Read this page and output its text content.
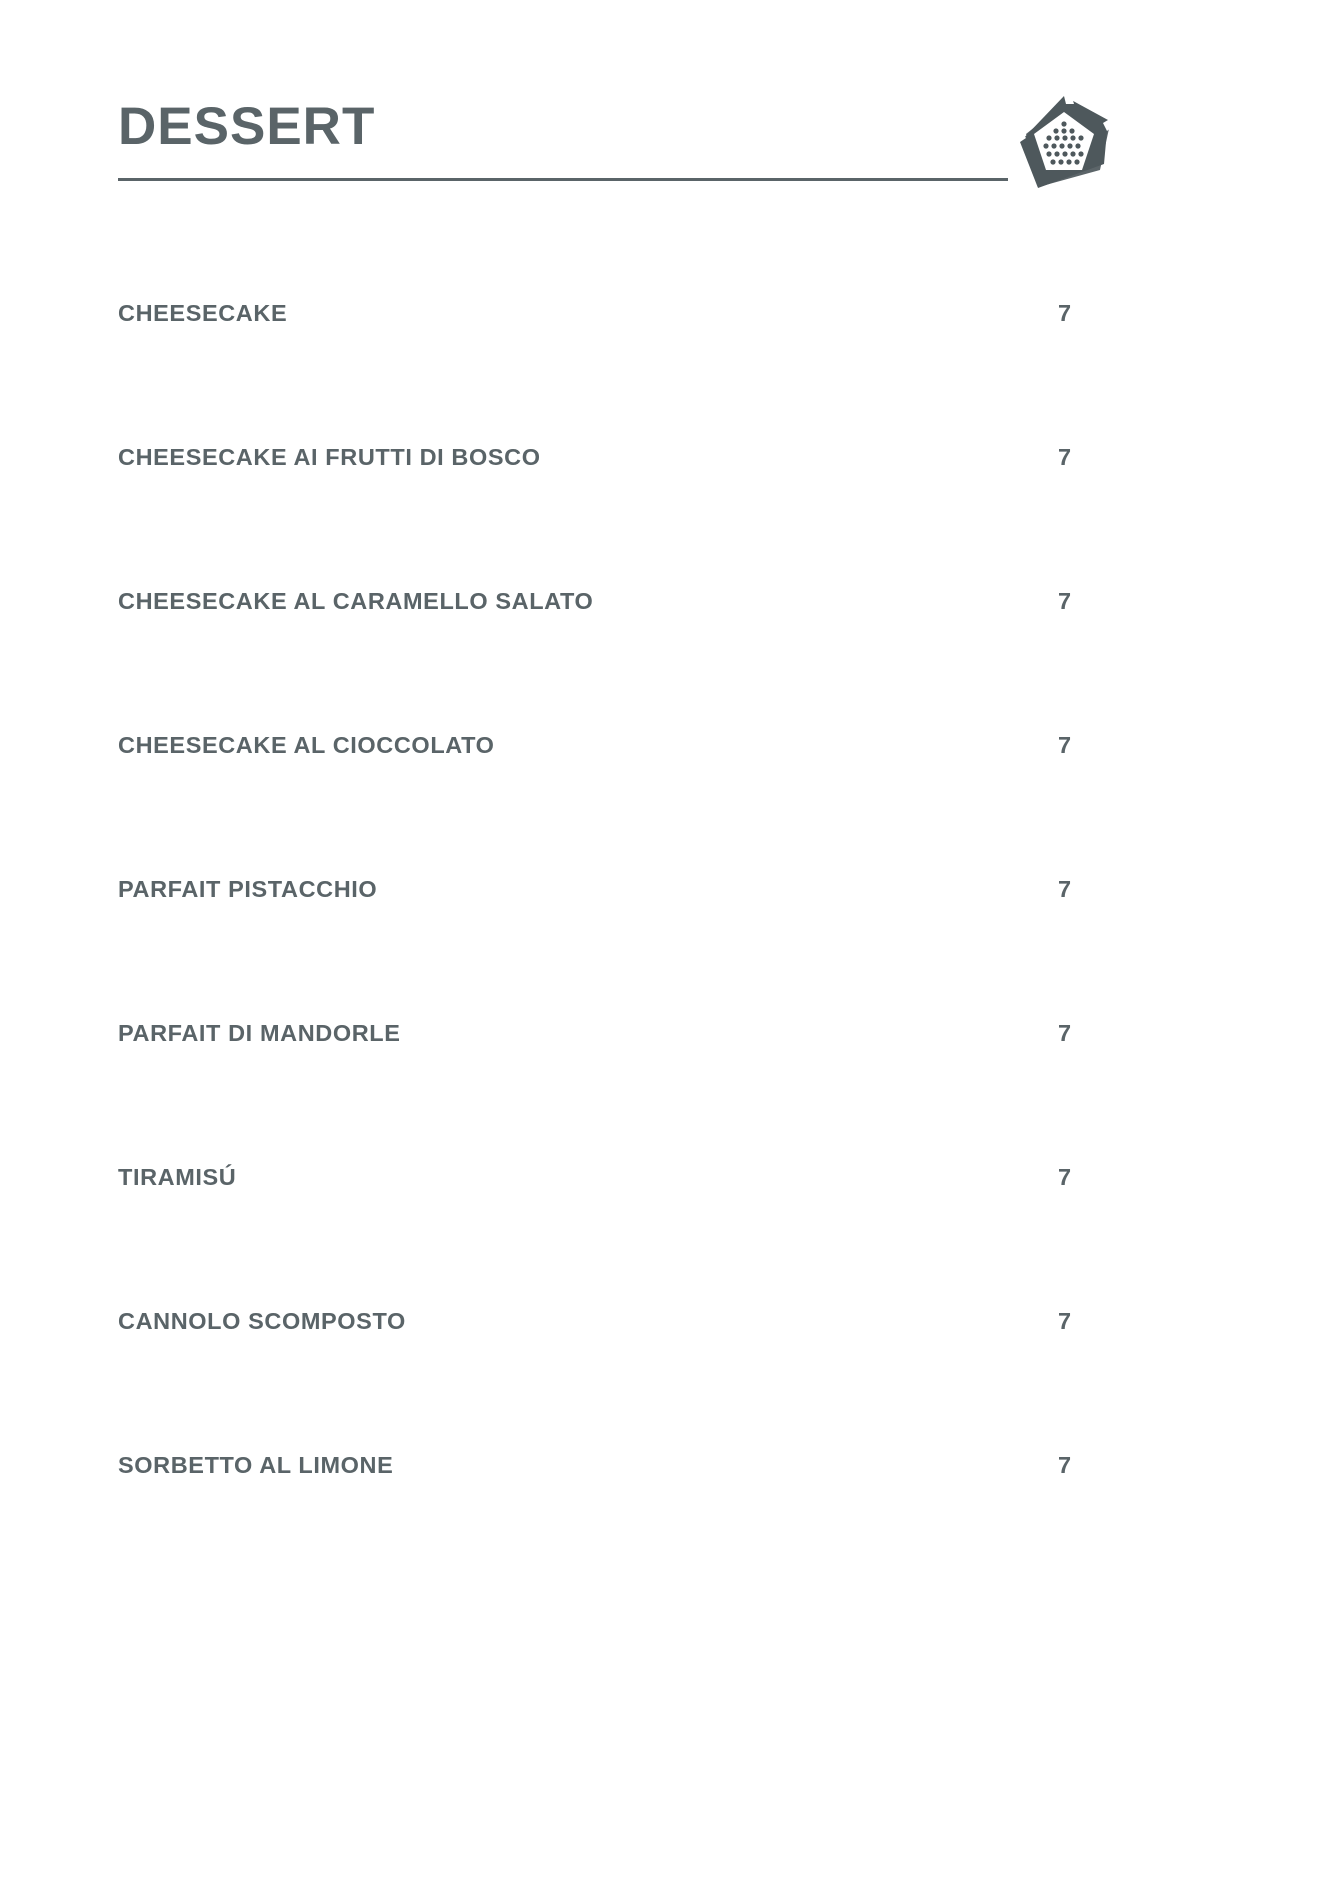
DESSERT
CHEESECAKE	7
CHEESECAKE AI FRUTTI DI BOSCO	7
CHEESECAKE AL CARAMELLO SALATO	7
CHEESECAKE AL CIOCCOLATO	7
PARFAIT PISTACCHIO	7
PARFAIT DI MANDORLE	7
TIRAMISÚ	7
CANNOLO SCOMPOSTO	7
SORBETTO AL LIMONE	7
